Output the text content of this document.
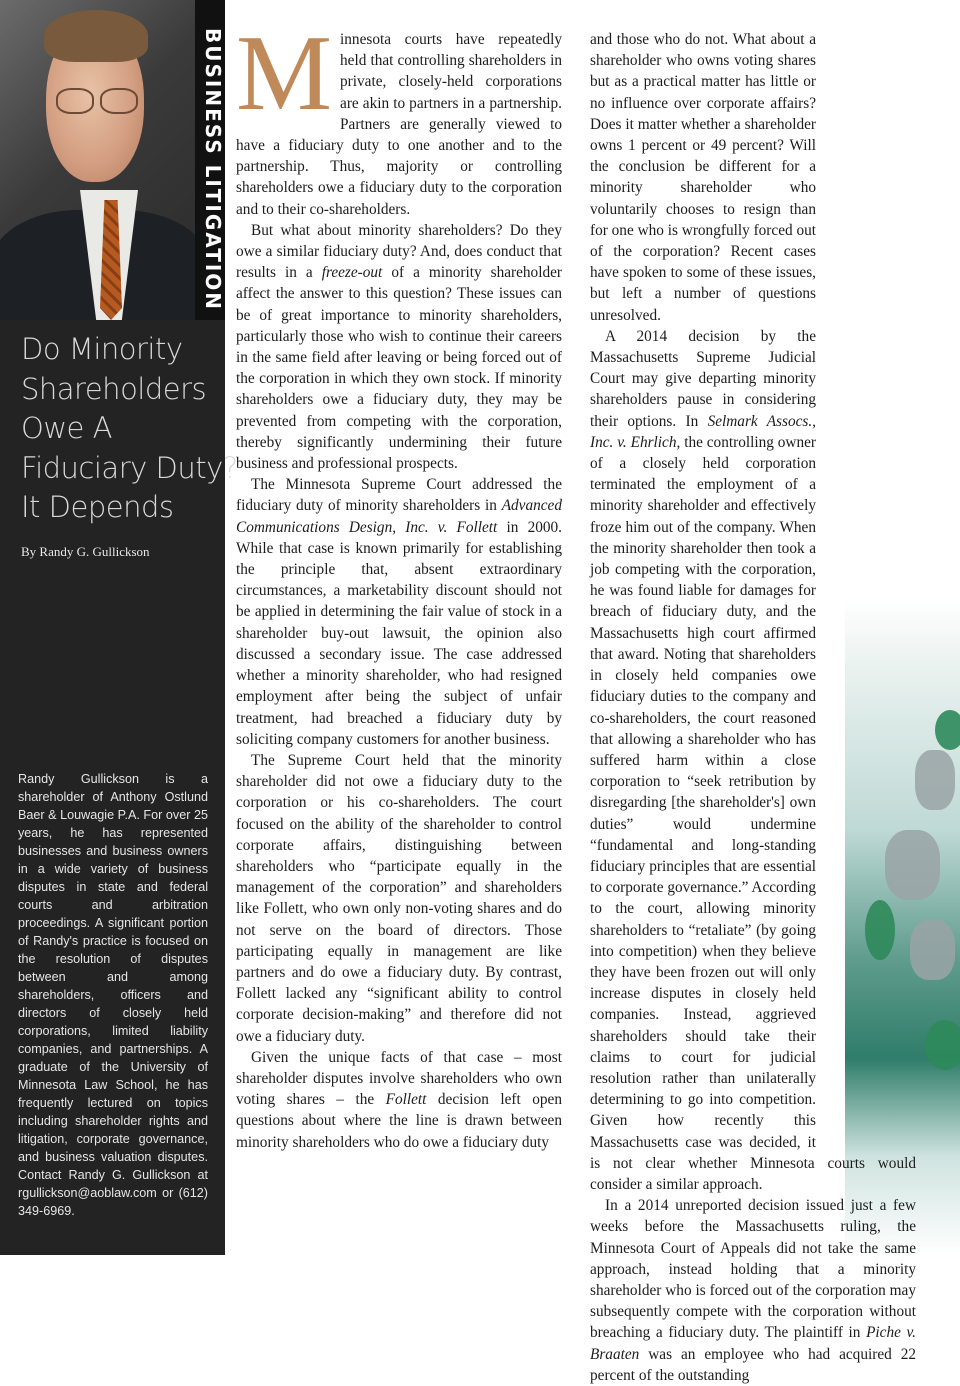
BUSINESS LITIGATION
Do Minority
Shareholders
Owe A
Fiduciary Duty?
It Depends
By Randy G. Gullickson
Randy Gullickson is a shareholder of Anthony Ostlund Baer & Louwagie P.A. For over 25 years, he has represented businesses and business owners in a wide variety of business disputes in state and federal courts and arbitration proceedings. A significant portion of Randy's practice is focused on the resolution of disputes between and among shareholders, officers and directors of closely held corporations, limited liability companies, and partnerships. A graduate of the University of Minnesota Law School, he has frequently lectured on topics including shareholder rights and litigation, corporate governance, and business valuation disputes. Contact Randy G. Gullickson at rgullickson@aoblaw.com or (612) 349-6969.

Minnesota courts have repeatedly held that controlling shareholders in private, closely-held corporations are akin to partners in a partnership. Partners are generally viewed to have a fiduciary duty to one another and to the partnership. Thus, majority or controlling shareholders owe a fiduciary duty to the corporation and to their co-shareholders.

But what about minority shareholders? Do they owe a similar fiduciary duty? And, does conduct that results in a freeze-out of a minority shareholder affect the answer to this question? These issues can be of great importance to minority shareholders, particularly those who wish to continue their careers in the same field after leaving or being forced out of the corporation in which they own stock. If minority shareholders owe a fiduciary duty, they may be prevented from competing with the corporation, thereby significantly undermining their future business and professional prospects.

The Minnesota Supreme Court addressed the fiduciary duty of minority shareholders in Advanced Communications Design, Inc. v. Follett in 2000. While that case is known primarily for establishing the principle that, absent extraordinary circumstances, a marketability discount should not be applied in determining the fair value of stock in a shareholder buy-out lawsuit, the opinion also discussed a secondary issue. The case addressed whether a minority shareholder, who had resigned employment after being the subject of unfair treatment, had breached a fiduciary duty by soliciting company customers for another business.

The Supreme Court held that the minority shareholder did not owe a fiduciary duty to the corporation or his co-shareholders. The court focused on the ability of the shareholder to control corporate affairs, distinguishing between shareholders who “participate equally in the management of the corporation” and shareholders like Follett, who own only non-voting shares and do not serve on the board of directors. Those participating equally in management are like partners and do owe a fiduciary duty. By contrast, Follett lacked any “significant ability to control corporate decision-making” and therefore did not owe a fiduciary duty.

Given the unique facts of that case – most shareholder disputes involve shareholders who own voting shares – the Follett decision left open questions about where the line is drawn between minority shareholders who do owe a fiduciary duty

and those who do not. What about a shareholder who owns voting shares but as a practical matter has little or no influence over corporate affairs? Does it matter whether a shareholder owns 1 percent or 49 percent? Will the conclusion be different for a minority shareholder who voluntarily chooses to resign than for one who is wrongfully forced out of the corporation? Recent cases have spoken to some of these issues, but left a number of questions unresolved.

A 2014 decision by the Massachusetts Supreme Judicial Court may give departing minority shareholders pause in considering their options. In Selmark Assocs., Inc. v. Ehrlich, the controlling owner of a closely held corporation terminated the employment of a minority shareholder and effectively froze him out of the company. When the minority shareholder then took a job competing with the corporation, he was found liable for damages for breach of fiduciary duty, and the Massachusetts high court affirmed that award. Noting that shareholders in closely held companies owe fiduciary duties to the company and co-shareholders, the court reasoned that allowing a shareholder who has suffered harm within a close corporation to “seek retribution by disregarding [the shareholder's] own duties” would undermine “fundamental and long-standing fiduciary principles that are essential to corporate governance.” According to the court, allowing minority shareholders to “retaliate” (by going into competition) when they believe they have been frozen out will only increase disputes in closely held companies. Instead, aggrieved shareholders should take their claims to court for judicial resolution rather than unilaterally determining to go into competition. Given how recently this Massachusetts case was decided, it is not clear whether Minnesota courts would consider a similar approach.

In a 2014 unreported decision issued just a few weeks before the Massachusetts ruling, the Minnesota Court of Appeals did not take the same approach, instead holding that a minority shareholder who is forced out of the corporation may subsequently compete with the corporation without breaching a fiduciary duty. The plaintiff in Piche v. Braaten was an employee who had acquired 22 percent of the outstanding
